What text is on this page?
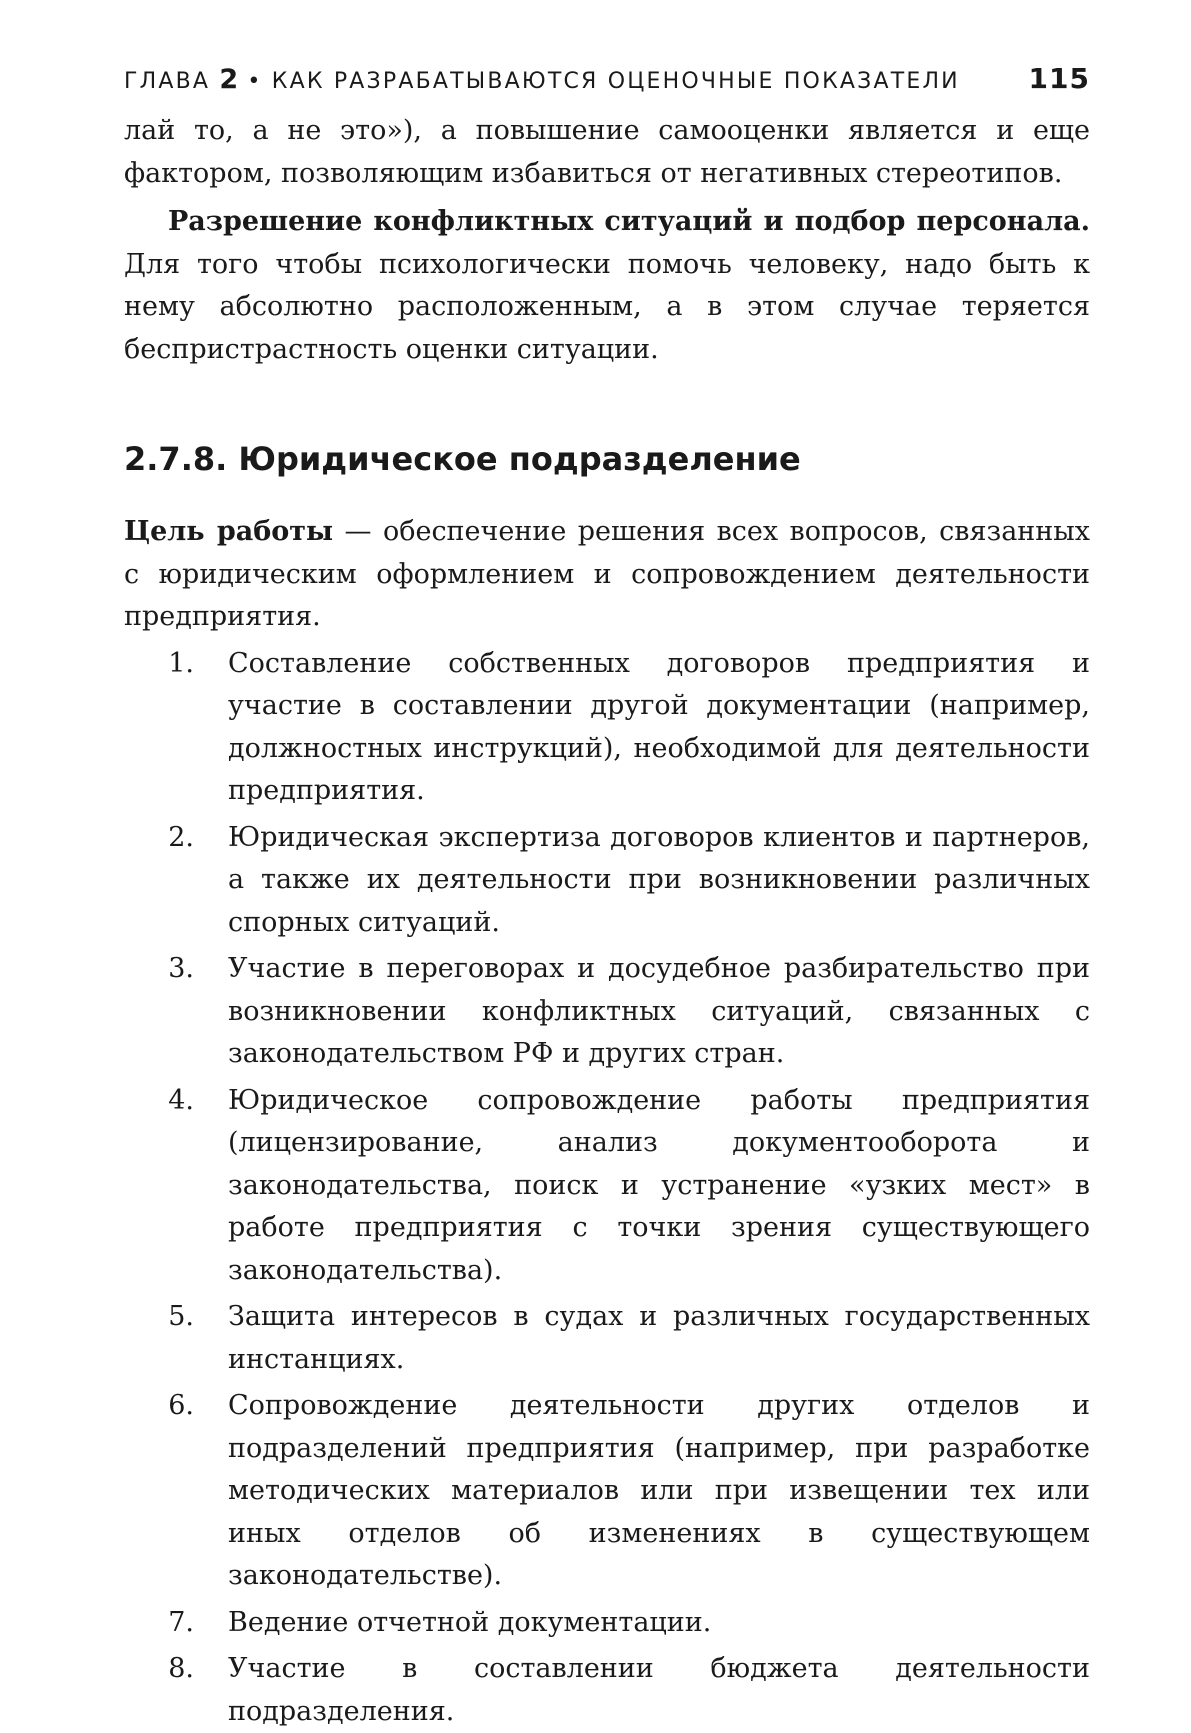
ГЛАВА 2 • КАК РАЗРАБАТЫВАЮТСЯ ОЦЕНОЧНЫЕ ПОКАЗАТЕЛИ 115

лай то, а не это»), а повышение самооценки является и еще фактором, позволяющим избавиться от негативных стереотипов.

Разрешение конфликтных ситуаций и подбор персонала. Для того чтобы психологически помочь человеку, надо быть к нему абсолютно расположенным, а в этом случае теряется беспристрастность оценки ситуации.

2.7.8. Юридическое подразделение

Цель работы — обеспечение решения всех вопросов, связанных с юридическим оформлением и сопровождением деятельности предприятия.

1.	Составление собственных договоров предприятия и участие в составлении другой документации (например, должностных инструкций), необходимой для деятельности предприятия.
2.	Юридическая экспертиза договоров клиентов и партнеров, а также их деятельности при возникновении различных спорных ситуаций.
3.	Участие в переговорах и досудебное разбирательство при возникновении конфликтных ситуаций, связанных с законодательством РФ и других стран.
4.	Юридическое сопровождение работы предприятия (лицензирование, анализ документооборота и законодательства, поиск и устранение «узких мест» в работе предприятия с точки зрения существующего законодательства).
5.	Защита интересов в судах и различных государственных инстанциях.
6.	Сопровождение деятельности других отделов и подразделений предприятия (например, при разработке методических материалов или при извещении тех или иных отделов об изменениях в существующем законодательстве).
7.	Ведение отчетной документации.
8.	Участие в составлении бюджета деятельности подразделения.
